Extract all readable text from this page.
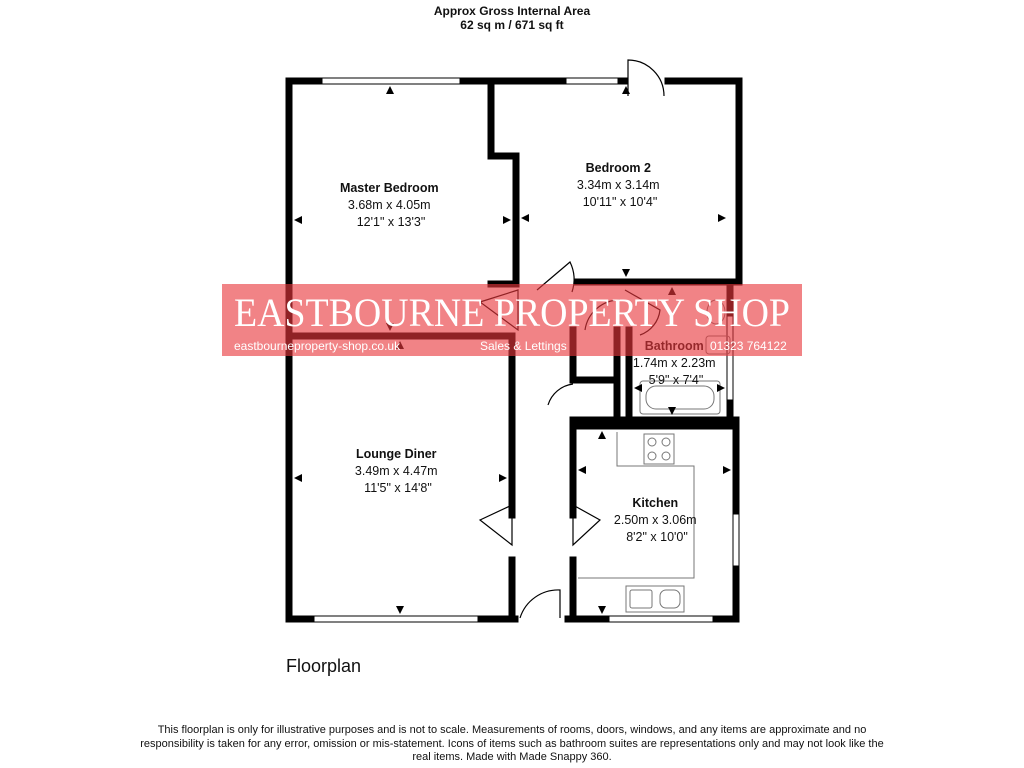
Approx Gross Internal Area
62 sq m / 671 sq ft
Master Bedroom 3.68m x 4.05m 12'1" x 13'3"
Bedroom 2 3.34m x 3.14m 10'11" x 10'4"
1.74m x 2.23m 5'9" x 7'4"
Lounge Diner 3.49m x 4.47m 11'5" x 14'8"
Kitchen 2.50m x 3.06m 8'2" x 10'0"
EASTBOURNE PROPERTY SHOP
eastbourneproperty-shop.co.uk	Sales & Lettings	01323 764122
Floorplan
This floorplan is only for illustrative purposes and is not to scale. Measurements of rooms, doors, windows, and any items are approximate and no responsibility is taken for any error, omission or mis-statement. Icons of items such as bathroom suites are representations only and may not look like the real items. Made with Made Snappy 360.
